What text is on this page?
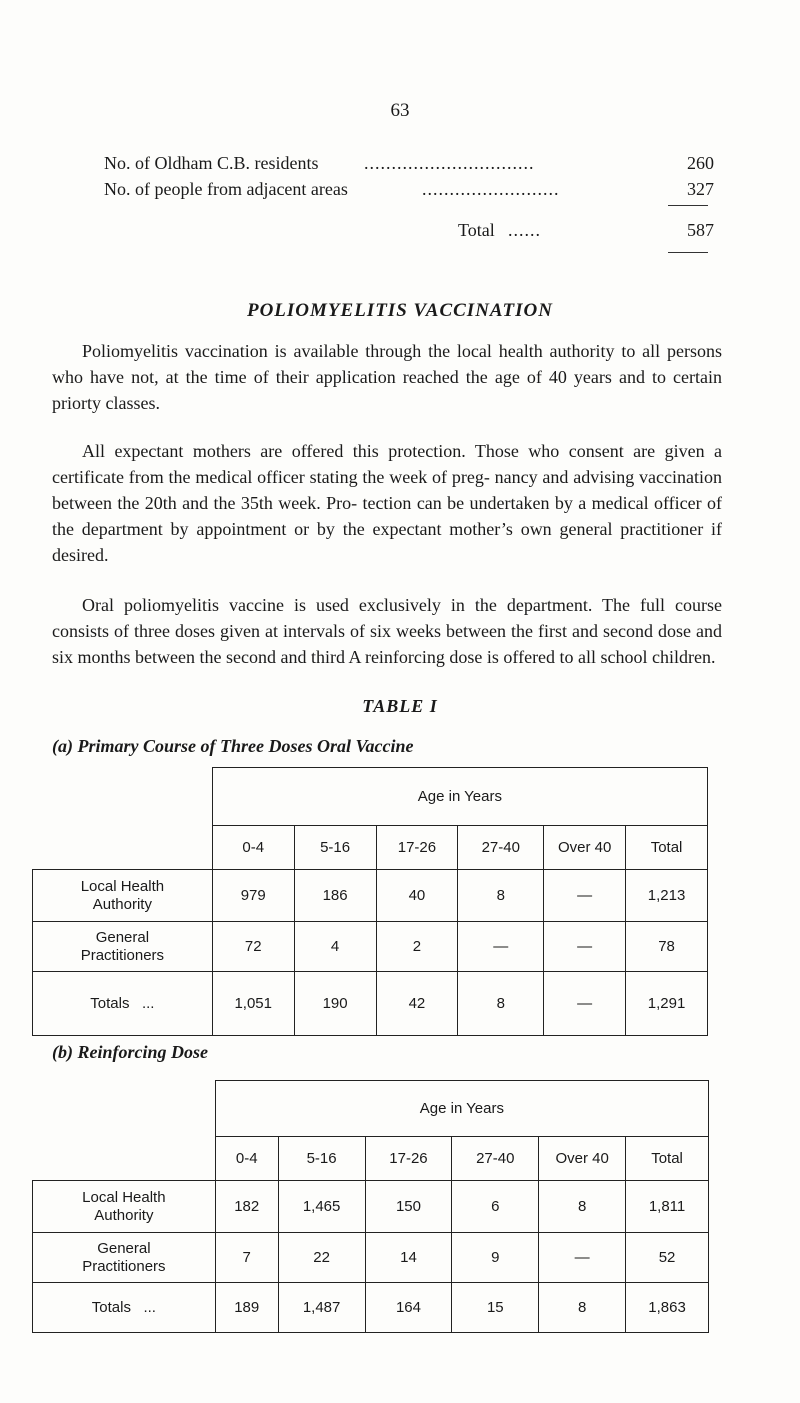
63
No. of Oldham C.B. residents	...............................	260
No. of people from adjacent areas	.........................	327
Total ......	587
POLIOMYELITIS VACCINATION

Poliomyelitis vaccination is available through the local health authority to all persons who have not, at the time of their application reached the age of 40 years and to certain priorty classes.

All expectant mothers are offered this protection. Those who consent are given a certificate from the medical officer stating the week of preg- nancy and advising vaccination between the 20th and the 35th week. Pro- tection can be undertaken by a medical officer of the department by appointment or by the expectant mother’s own general practitioner if desired.

Oral poliomyelitis vaccine is used exclusively in the department. The full course consists of three doses given at intervals of six weeks between the first and second dose and six months between the second and third A reinforcing dose is offered to all school children.

TABLE I
(a) Primary Course of Three Doses Oral Vaccine
	Age in Years					
	0-4	5-16	17-26	27-40	Over 40	Total

Local Health
Authority	979	186	40	8	—	1,213

General
Practitioners	72	4	2	—	—	78
Totals   ...	1,051	190	42	8	—	1,291
(b) Reinforcing Dose
	Age in Years					
	0-4	5-16	17-26	27-40	Over 40	Total

Local Health
Authority	182	1,465	150	6	8	1,811

General
Practitioners	7	22	14	9	—	52
Totals   ...	189	1,487	164	15	8	1,863
